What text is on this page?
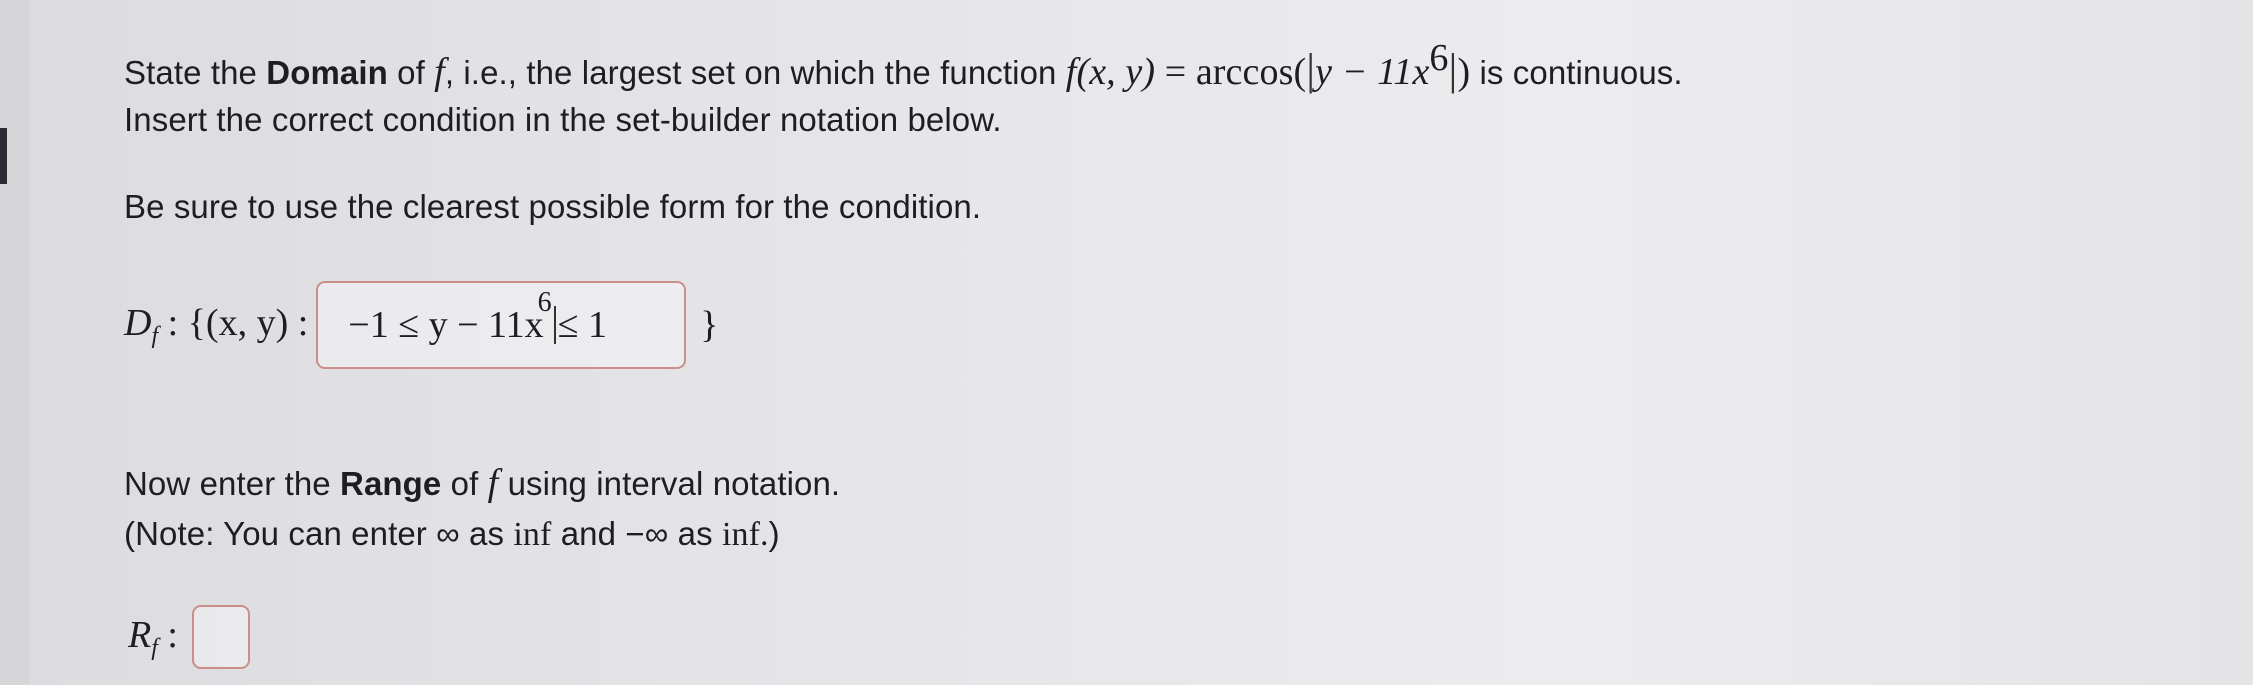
State the Domain of f, i.e., the largest set on which the function f(x, $y) = \arccos(|y - 11x^6|)$ is continuous.
Insert the correct condition in the set-builder notation below.
Be sure to use the clearest possible form for the condition.
$D_f$ : {(x, y) : −1 ≤ y − 11x
6
≤ 1 }
Now enter the Range of f using interval notation.
(Note: You can enter ∞ as inf and −∞ as inf.)
$R_f$ :
